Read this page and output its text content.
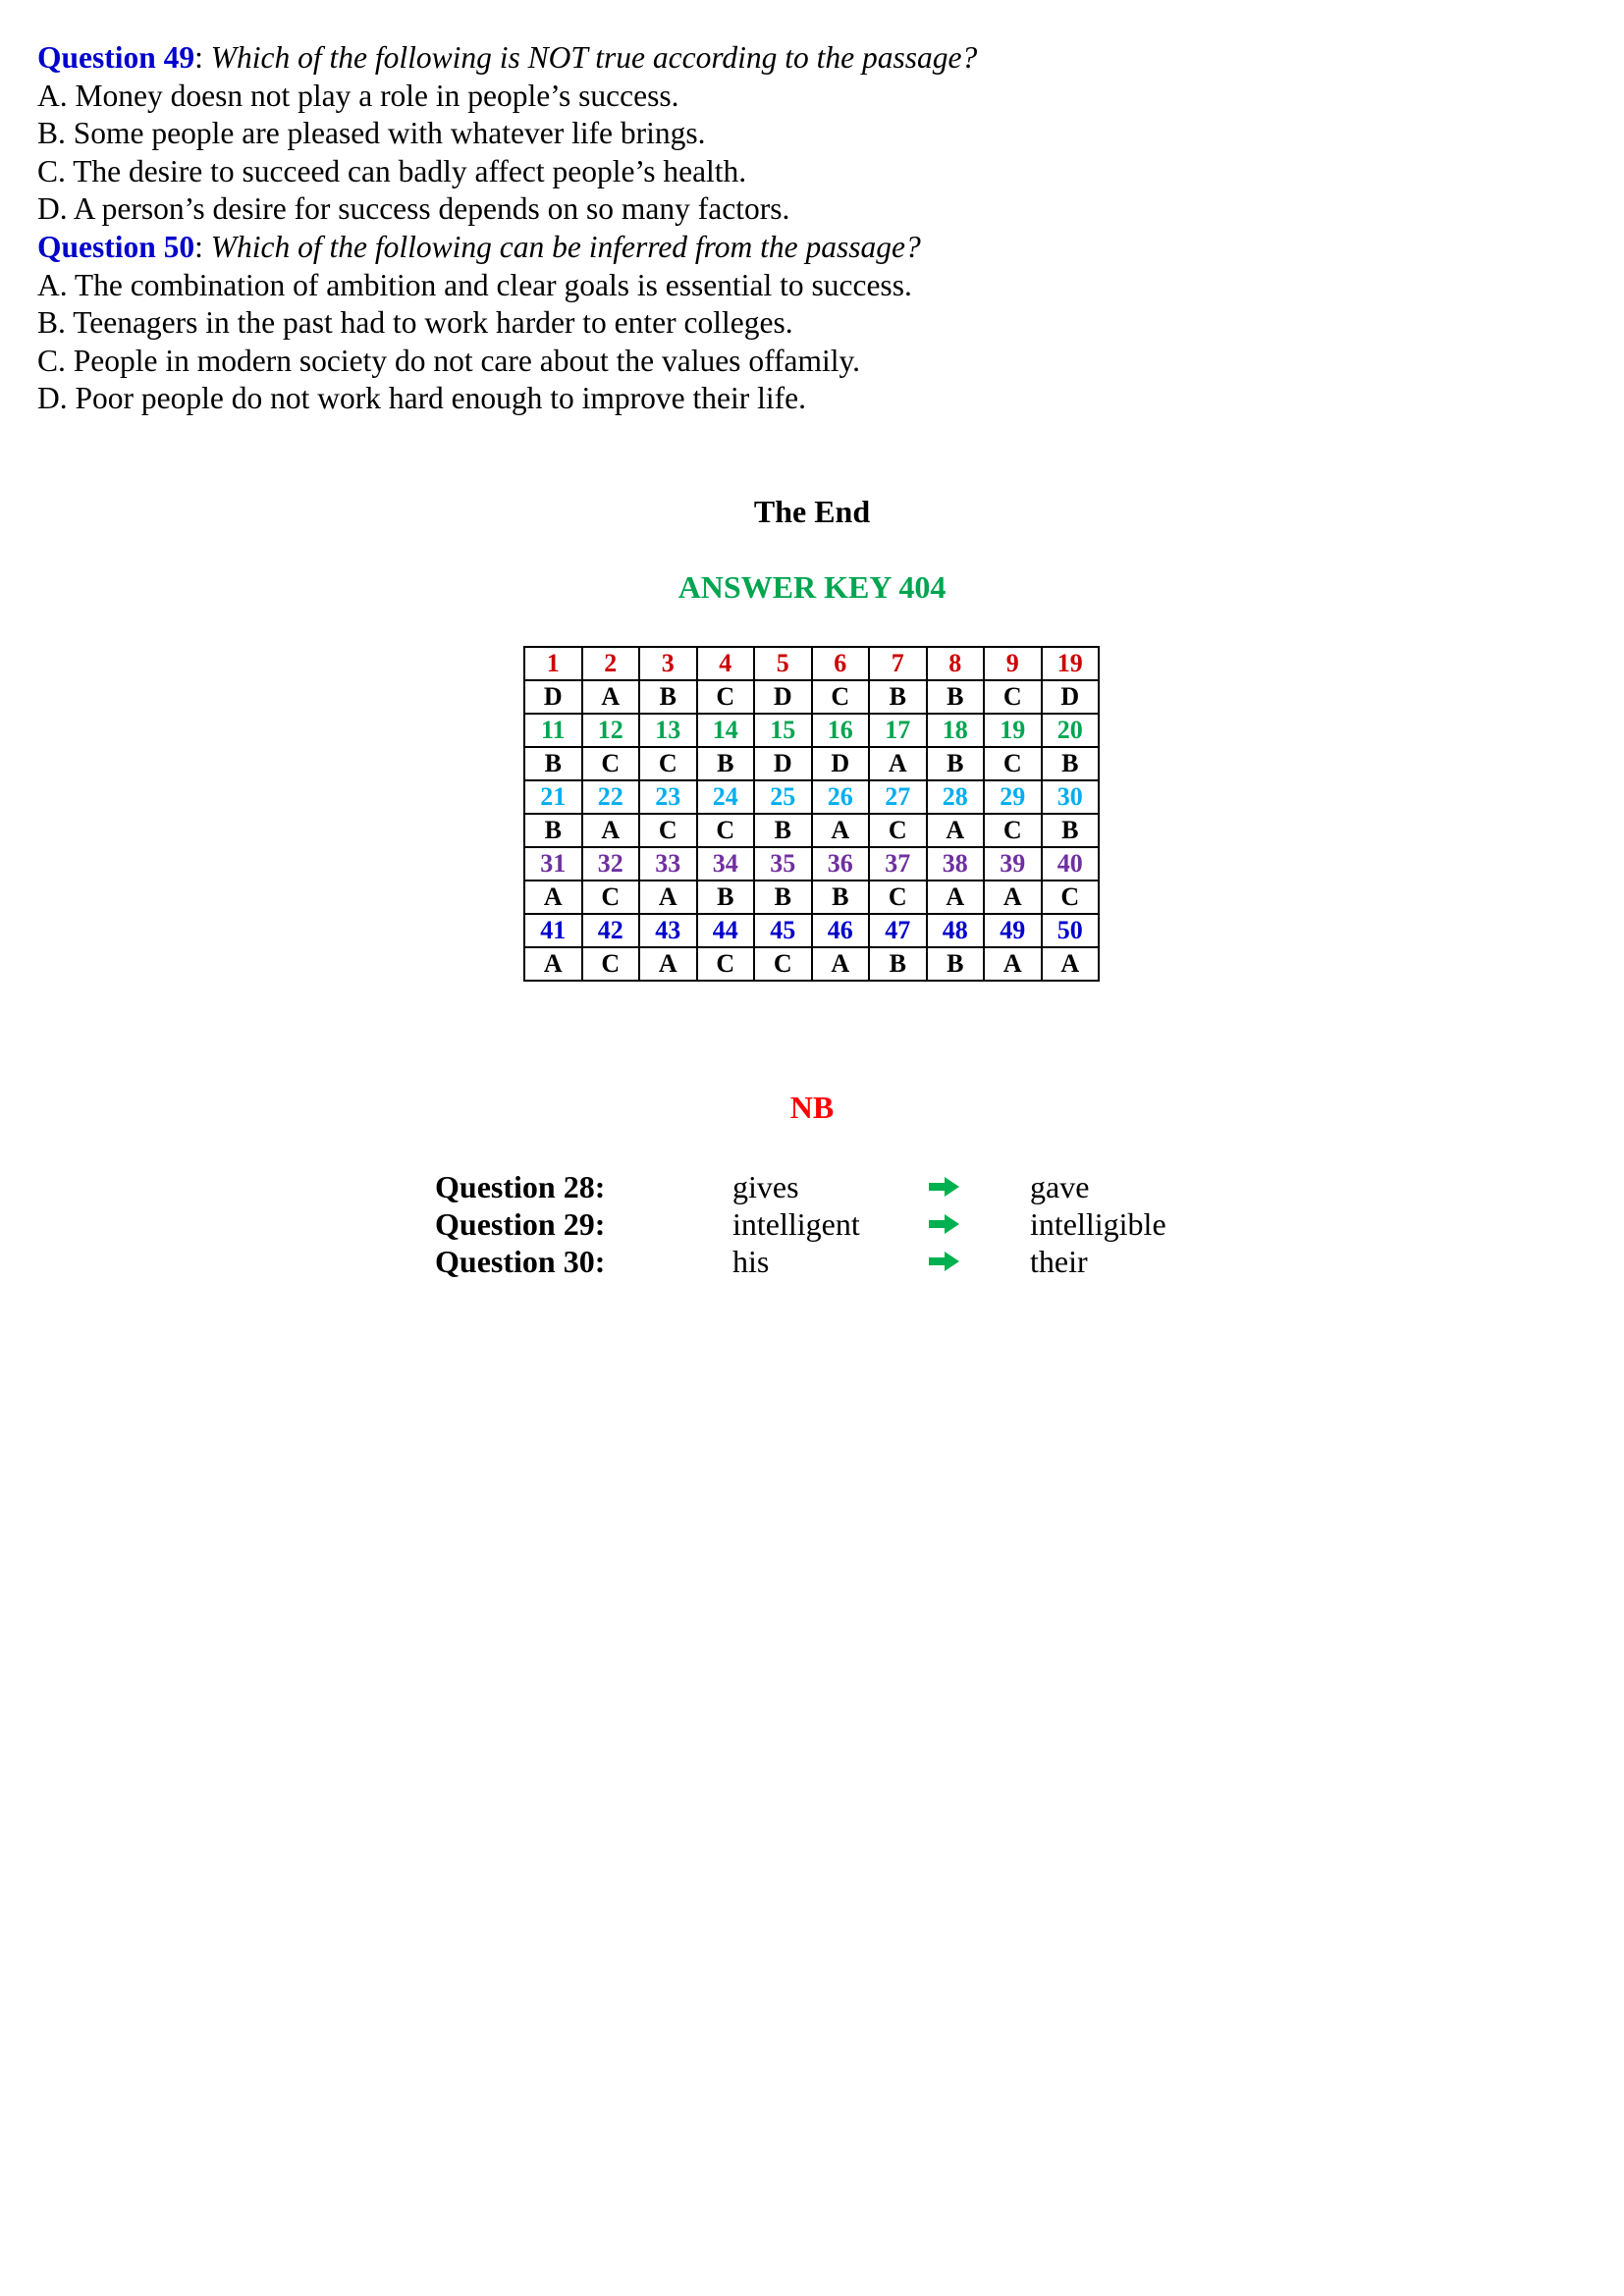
Question 49: Which of the following is NOT true according to the passage?
A. Money doesn not play a role in people’s success.
B. Some people are pleased with whatever life brings.
C. The desire to succeed can badly affect people’s health.
D. A person’s desire for success depends on so many factors.
Question 50: Which of the following can be inferred from the passage?
A. The combination of ambition and clear goals is essential to success.
B. Teenagers in the past had to work harder to enter colleges.
C. People in modern society do not care about the values offamily.
D. Poor people do not work hard enough to improve their life.
The End
ANSWER KEY 404
1	2	3	4	5	6	7	8	9	19
D	A	B	C	D	C	B	B	C	D
11	12	13	14	15	16	17	18	19	20
B	C	C	B	D	D	A	B	C	B
21	22	23	24	25	26	27	28	29	30
B	A	C	C	B	A	C	A	C	B
31	32	33	34	35	36	37	38	39	40
A	C	A	B	B	B	C	A	A	C
41	42	43	44	45	46	47	48	49	50
A	C	A	C	C	A	B	B	A	A
NB
Question 28:	gives	gave
Question 29:	intelligent	intelligible
Question 30:	his	their
